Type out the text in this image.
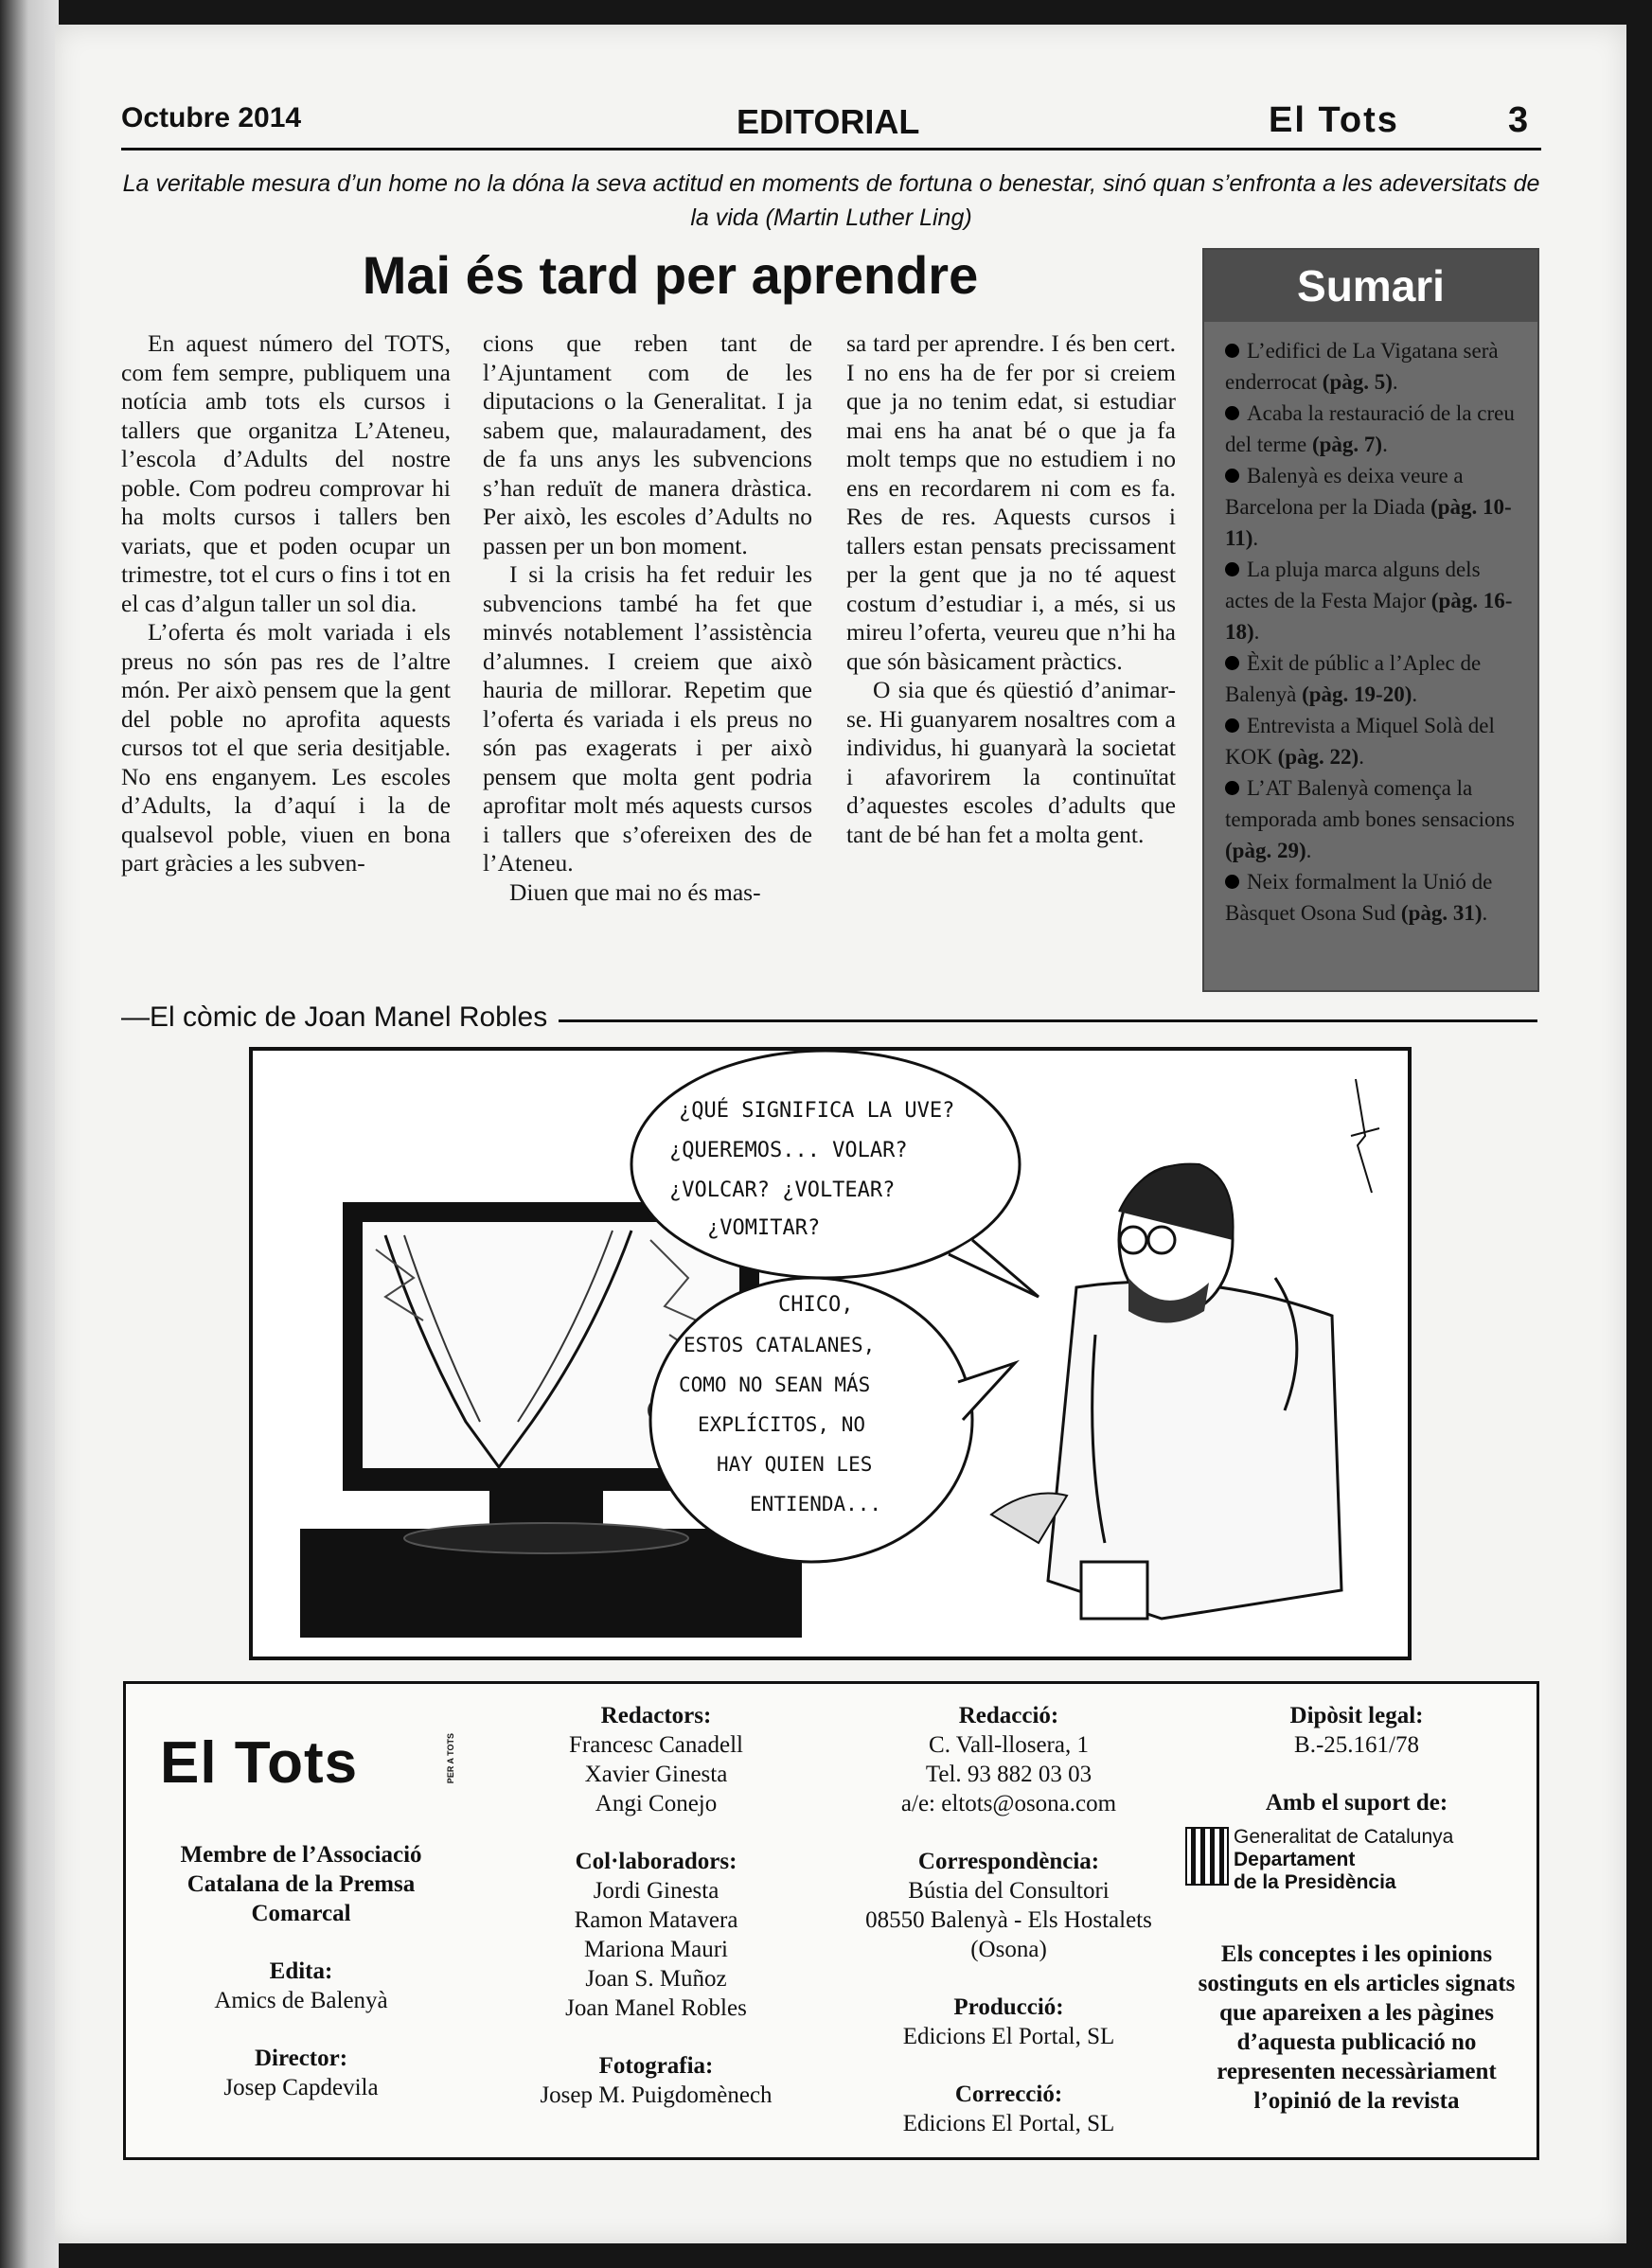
Octubre 2014	EDITORIAL	El Tots	3
La veritable mesura d’un home no la dóna la seva actitud en moments de fortuna o benestar, sinó quan s’enfronta a les adeversitats de la vida (Martin Luther Ling)
Mai és tard per aprendre

En aquest número del TOTS, com fem sempre, publiquem una notícia amb tots els cursos i tallers que organitza L’Ateneu, l’escola d’Adults del nostre poble. Com podreu comprovar hi ha molts cursos i tallers ben variats, que et poden ocupar un trimestre, tot el curs o fins i tot en el cas d’algun taller un sol dia.

L’oferta és molt variada i els preus no són pas res de l’altre món. Per això pensem que la gent del poble no aprofita aquests cursos tot el que seria desitjable. No ens enganyem. Les escoles d’Adults, la d’aquí i la de qualsevol poble, viuen en bona part gràcies a les subven-

cions que reben tant de l’Ajuntament com de les diputacions o la Generalitat. I ja sabem que, malauradament, des de fa uns anys les subvencions s’han reduït de manera dràstica. Per això, les escoles d’Adults no passen per un bon moment.

I si la crisis ha fet reduir les subvencions també ha fet que minvés notablement l’assistència d’alumnes. I creiem que això hauria de millorar. Repetim que l’oferta és variada i els preus no són pas exagerats i per això pensem que molta gent podria aprofitar molt més aquests cursos i tallers que s’ofereixen des de l’Ateneu.

Diuen que mai no és mas-

sa tard per aprendre. I és ben cert. I no ens ha de fer por si creiem que ja no tenim edat, si estudiar mai ens ha anat bé o que ja fa molt temps que no estudiem i no ens en recordarem ni com es fa. Res de res. Aquests cursos i tallers estan pensats precissament per la gent que ja no té aquest costum d’estudiar i, a més, si us mireu l’oferta, veureu que n’hi ha que són bàsicament pràctics.

O sia que és qüestió d’animar-se. Hi guanyarem nosaltres com a individus, hi guanyarà la societat i afavorirem la continuïtat d’aquestes escoles d’adults que tant de bé han fet a molta gent.

Sumari
L’edifici de La Vigatana serà enderrocat (pàg. 5).
Acaba la restauració de la creu del terme (pàg. 7).
Balenyà es deixa veure a Barcelona per la Diada (pàg. 10-11).
La pluja marca alguns dels actes de la Festa Major (pàg. 16-18).
Èxit de públic a l’Aplec de Balenyà (pàg. 19-20).
Entrevista a Miquel Solà del KOK (pàg. 22).
L’AT Balenyà comença la temporada amb bones sensacions (pàg. 29).
Neix formalment la Unió de Bàsquet Osona Sud (pàg. 31).
—El còmic de Joan Manel Robles
¿QUÉ SIGNIFICA LA UVE?
¿QUEREMOS... VOLAR?
¿VOLCAR? ¿VOLTEAR?
¿VOMITAR?
CHICO,
ESTOS CATALANES,
COMO NO SEAN MÁS
EXPLÍCITOS, NO
HAY QUIEN LES
ENTIENDA...
El Tots	PER A TOTS
Membre de l’Associació Catalana de la Premsa Comarcal
Edita:
Amics de Balenyà
Director:
Josep Capdevila
Redactors:
Francesc Canadell
Xavier Ginesta
Angi Conejo
Col·laboradors:
Jordi Ginesta
Ramon Matavera
Mariona Mauri
Joan S. Muñoz
Joan Manel Robles
Fotografia:
Josep M. Puigdomènech
Redacció:
C. Vall-llosera, 1
Tel. 93 882 03 03
a/e: eltots@osona.com
Correspondència:
Bústia del Consultori
08550 Balenyà - Els Hostalets
(Osona)
Producció:
Edicions El Portal, SL
Correcció:
Edicions El Portal, SL
Dipòsit legal:
B.-25.161/78
Amb el suport de:
Generalitat de Catalunya
Departament
de la Presidència
Els conceptes i les opinions sostinguts en els articles signats que apareixen a les pàgines d’aquesta publicació no representen necessàriament l’opinió de la revista
